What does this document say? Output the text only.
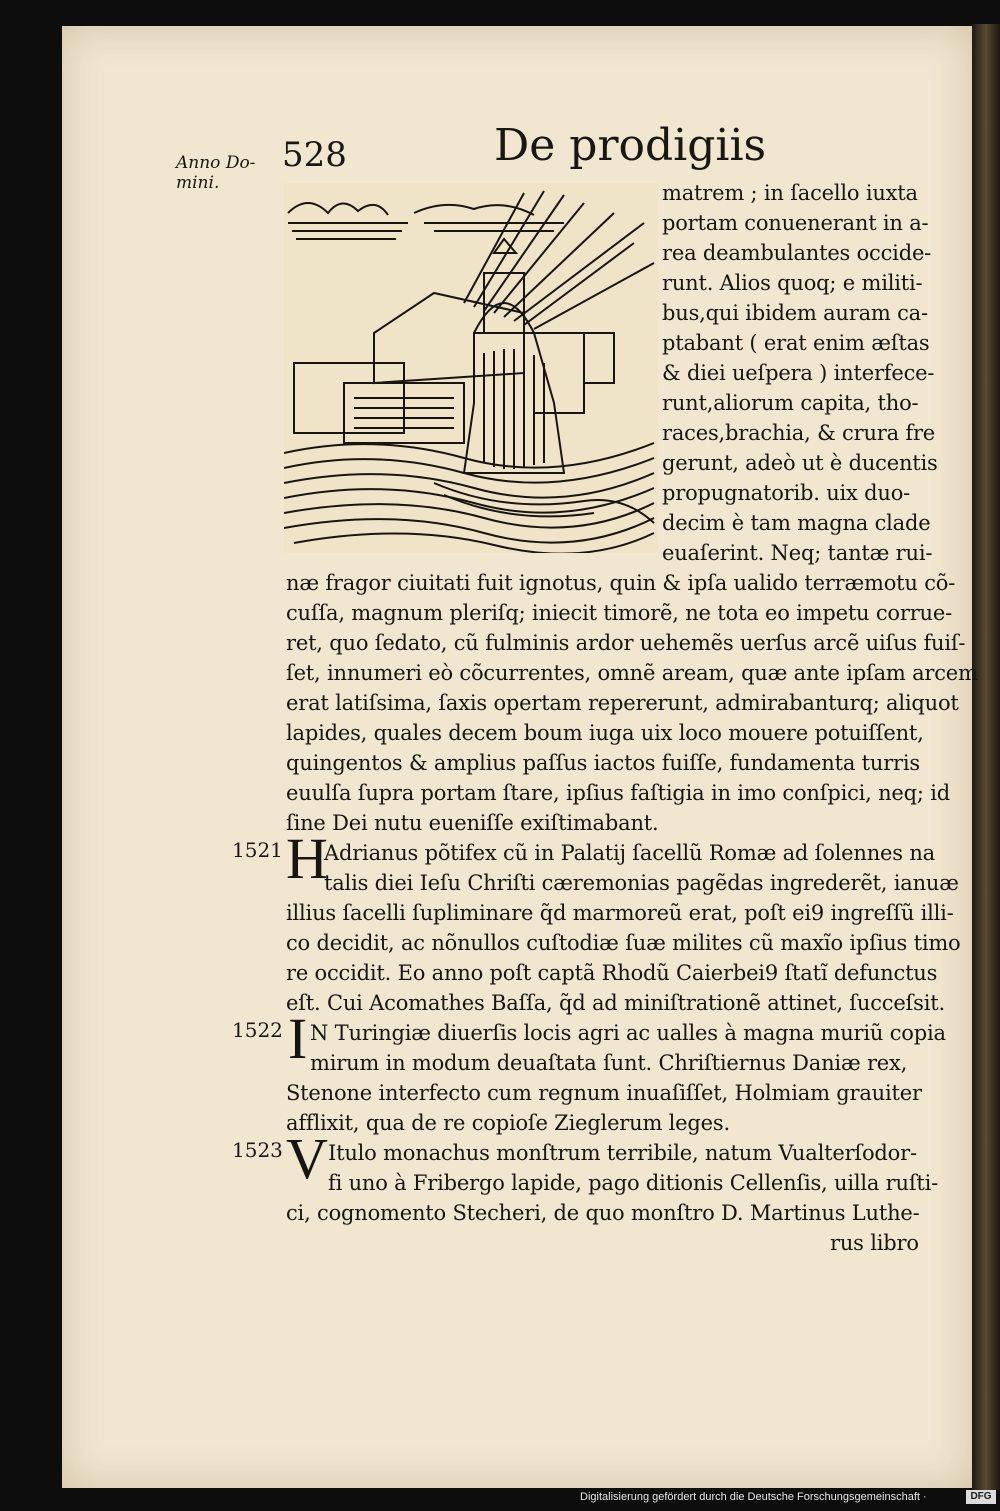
Anno Do-
mini.
528	De prodigiis
matrem ; in ſacello iuxta
portam conuenerant in a-
rea deambulantes occide-
runt. Alios quoq; e militi-
bus,qui ibidem auram ca-
ptabant ( erat enim æſtas
& diei ueſpera ) interfece-
runt,aliorum capita, tho-
races,brachia, & crura fre
gerunt, adeò ut è ducentis
propugnatorib. uix duo-
decim è tam magna clade
euaſerint. Neq; tantæ rui-
næ fragor ciuitati fuit ignotus, quin & ipſa ualido terræmotu cõ-
cuſſa, magnum pleriſq; iniecit timorẽ, ne tota eo impetu corrue-
ret, quo ſedato, cũ fulminis ardor uehemẽs uerſus arcẽ uiſus fuiſ-
ſet, innumeri eò cõcurrentes, omnẽ aream, quæ ante ipſam arcem
erat latiſsima, ſaxis opertam repererunt, admirabanturq; aliquot
lapides, quales decem boum iuga uix loco mouere potuiſſent,
quingentos & amplius paſſus iactos fuiſſe, fundamenta turris
euulſa ſupra portam ſtare, ipſius faſtigia in imo conſpici, neq; id
ſine Dei nutu eueniſſe exiſtimabant.
1521 H
Adrianus põtifex cũ in Palatij ſacellũ Romæ ad ſolennes na
talis diei Ieſu Chriſti cæremonias pagẽdas ingrederẽt, ianuæ
illius ſacelli ſupliminare q̃d marmoreũ erat, poſt ei9 ingreſſũ illi-
co decidit, ac nõnullos cuſtodiæ ſuæ milites cũ maxĩo ipſius timo
re occidit. Eo anno poſt captã Rhodũ Caierbei9 ſtatĩ defunctus
eſt. Cui Acomathes Baſſa, q̃d ad miniſtrationẽ attinet, ſucceſsit.
1522 I N Turingiæ diuerſis locis agri ac ualles à magna muriũ copia
mirum in modum deuaſtata ſunt. Chriſtiernus Daniæ rex,
Stenone interfecto cum regnum inuaſiſſet, Holmiam grauiter
afflixit, qua de re copioſe Zieglerum leges.
1523 V Itulo monachus monſtrum terribile, natum Vualterſodor-
fi uno à Fribergo lapide, pago ditionis Cellenſis, uilla ruſti-
ci, cognomento Stecheri, de quo monſtro D. Martinus Luthe-
rus libro
Digitalisierung gefördert durch die Deutsche Forschungsgemeinschaft ·	DFG
